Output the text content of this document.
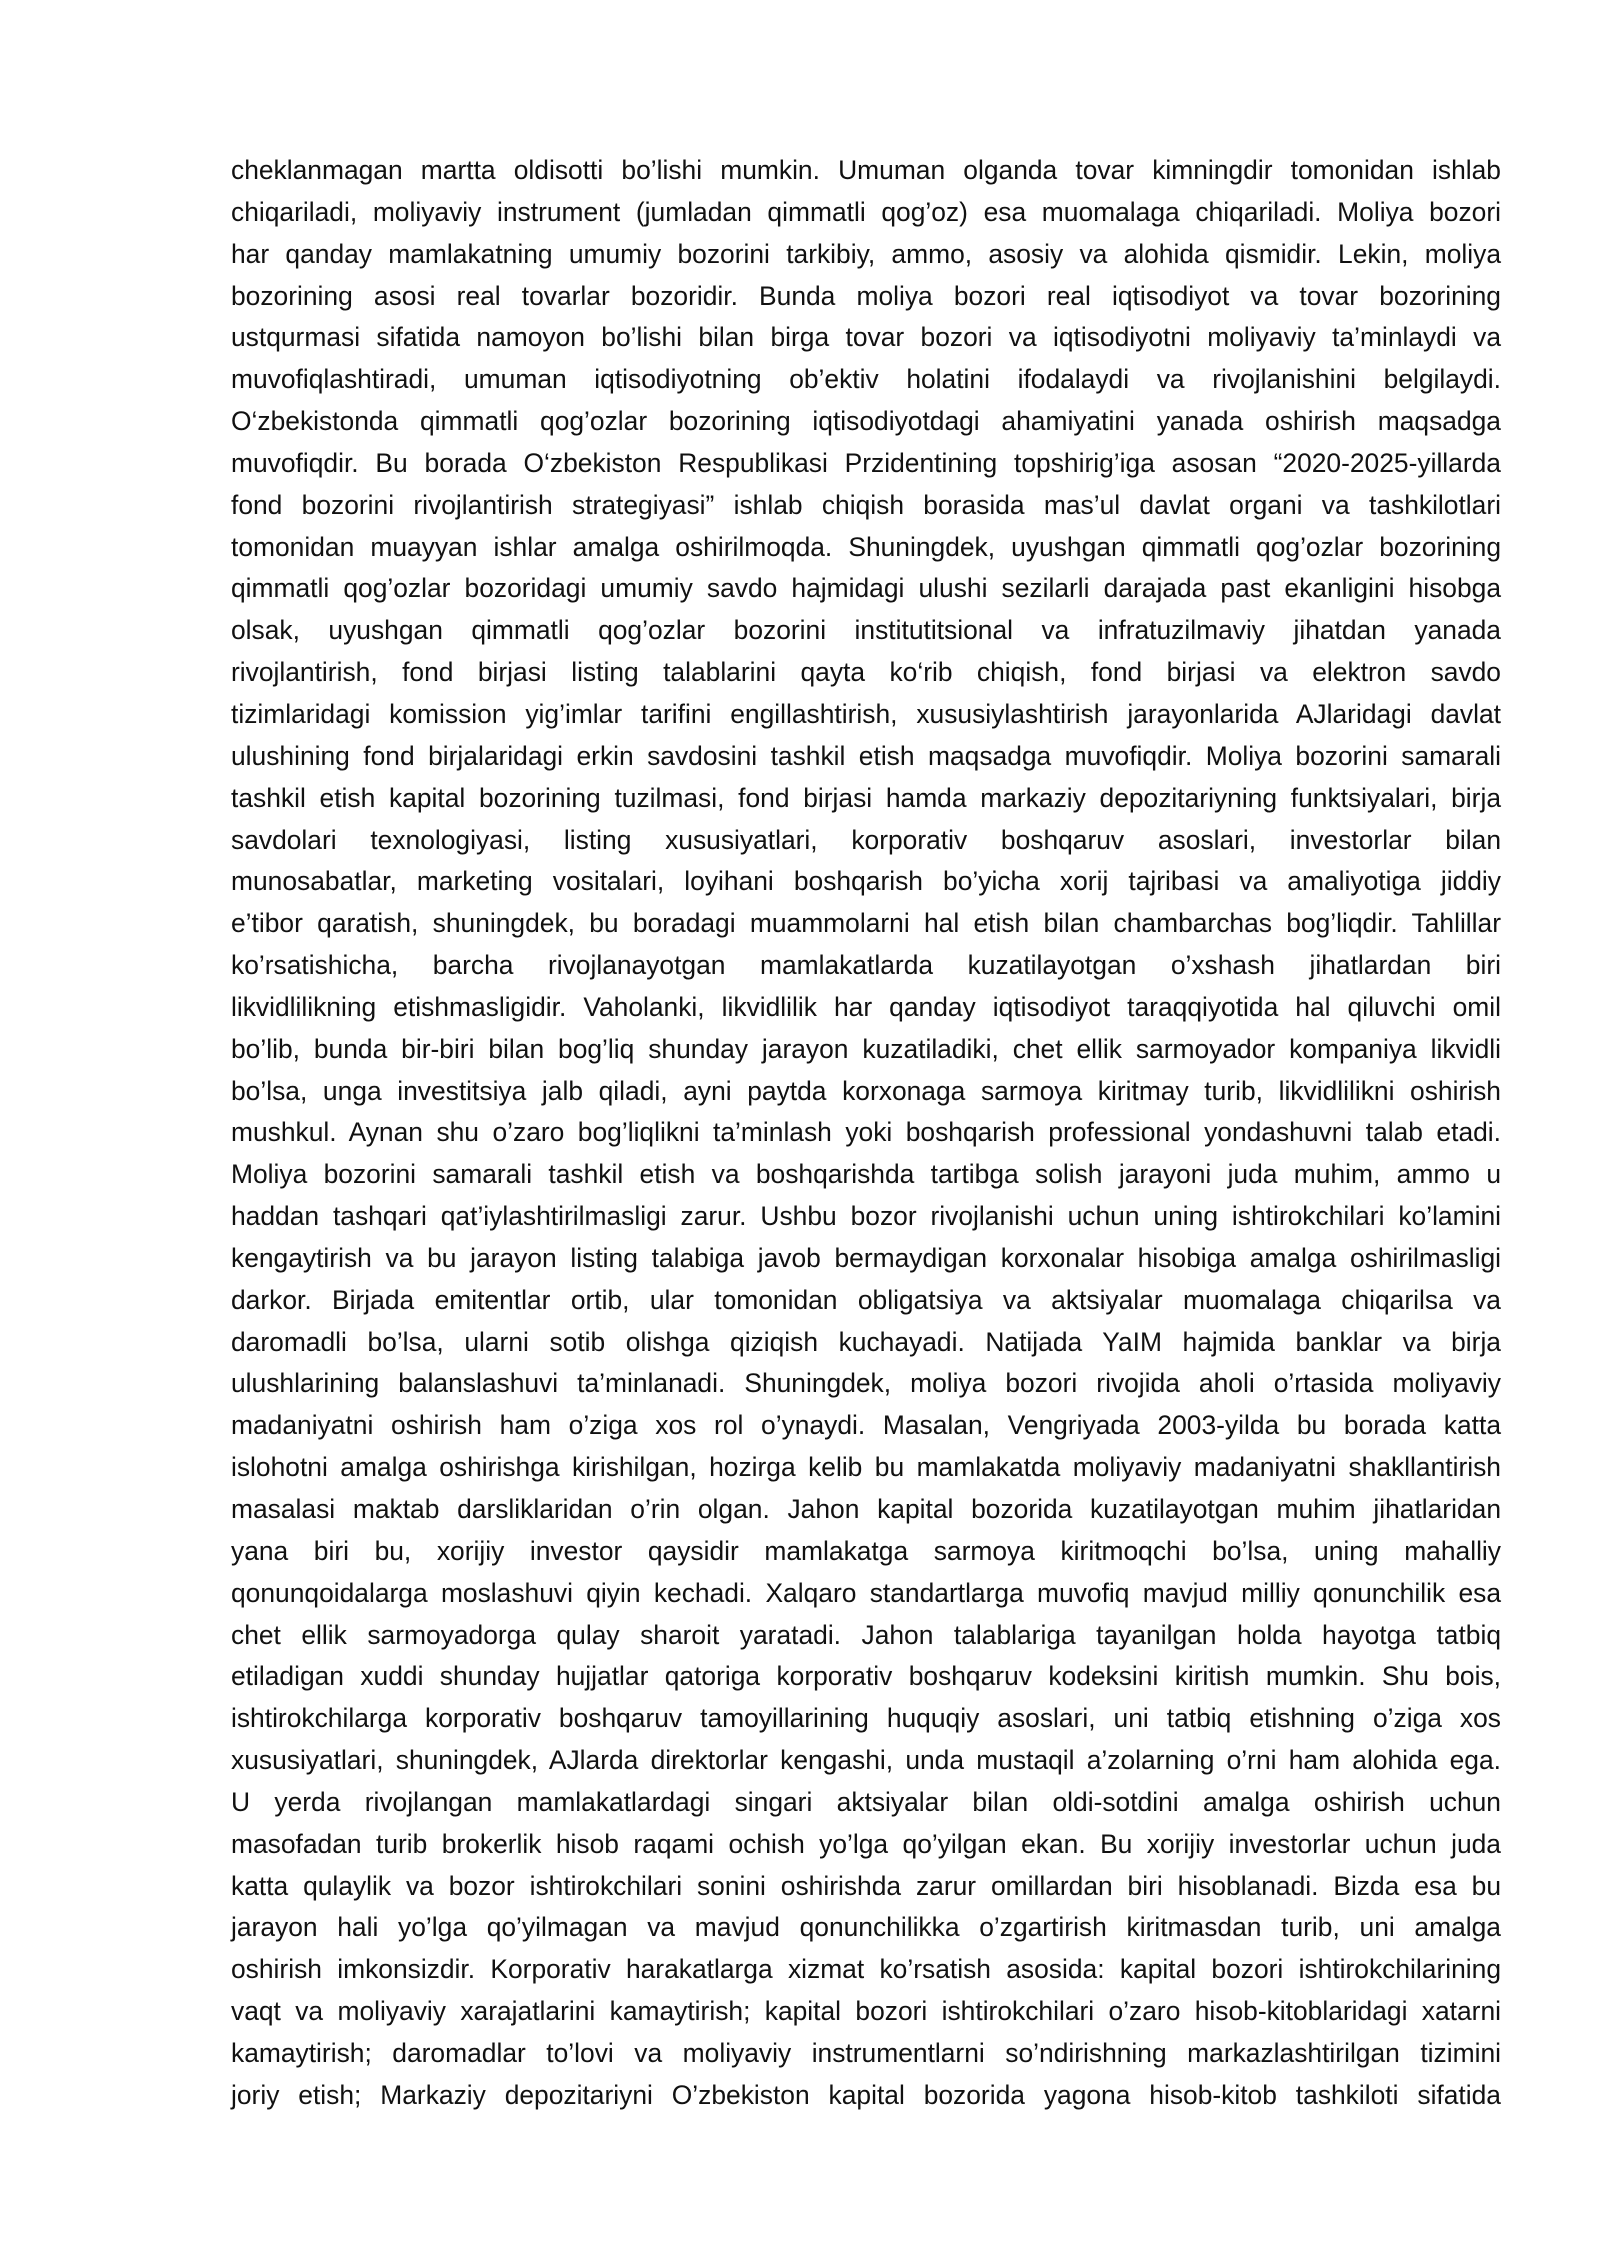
cheklanmagan martta oldisotti bo’lishi mumkin. Umuman olganda tovar kimningdir tomonidan ishlab
chiqariladi, moliyaviy instrument (jumladan qimmatli qog’oz) esa muomalaga chiqariladi. Moliya bozori
har qanday mamlakatning umumiy bozorini tarkibiy, ammo, asosiy va alohida qismidir. Lekin, moliya
bozorining asosi real tovarlar bozoridir. Bunda moliya bozori real iqtisodiyot va tovar bozorining
ustqurmasi sifatida namoyon bo’lishi bilan birga tovar bozori va iqtisodiyotni moliyaviy ta’minlaydi va
muvofiqlashtiradi, umuman iqtisodiyotning ob’ektiv holatini ifodalaydi va rivojlanishini belgilaydi.
O‘zbekistonda qimmatli qog’ozlar bozorining iqtisodiyotdagi ahamiyatini yanada oshirish maqsadga
muvofiqdir. Bu borada O‘zbekiston Respublikasi Przidentining topshirig’iga asosan “2020-2025-yillarda
fond bozorini rivojlantirish strategiyasi” ishlab chiqish borasida mas’ul davlat organi va tashkilotlari
tomonidan muayyan ishlar amalga oshirilmoqda. Shuningdek, uyushgan qimmatli qog’ozlar bozorining
qimmatli qog’ozlar bozoridagi umumiy savdo hajmidagi ulushi sezilarli darajada past ekanligini hisobga
olsak, uyushgan qimmatli qog’ozlar bozorini institutitsional va infratuzilmaviy jihatdan yanada
rivojlantirish, fond birjasi listing talablarini qayta ko‘rib chiqish, fond birjasi va elektron savdo
tizimlaridagi komission yig’imlar tarifini engillashtirish, xususiylashtirish jarayonlarida AJlaridagi davlat
ulushining fond birjalaridagi erkin savdosini tashkil etish maqsadga muvofiqdir. Moliya bozorini samarali
tashkil etish kapital bozorining tuzilmasi, fond birjasi hamda markaziy depozitariyning funktsiyalari, birja
savdolari texnologiyasi, listing xususiyatlari, korporativ boshqaruv asoslari, investorlar bilan
munosabatlar, marketing vositalari, loyihani boshqarish bo’yicha xorij tajribasi va amaliyotiga jiddiy
e’tibor qaratish, shuningdek, bu boradagi muammolarni hal etish bilan chambarchas bog’liqdir. Tahlillar
ko’rsatishicha, barcha rivojlanayotgan mamlakatlarda kuzatilayotgan o’xshash jihatlardan biri
likvidlilikning etishmasligidir. Vaholanki, likvidlilik har qanday iqtisodiyot taraqqiyotida hal qiluvchi omil
bo’lib, bunda bir-biri bilan bog’liq shunday jarayon kuzatiladiki, chet ellik sarmoyador kompaniya likvidli
bo’lsa, unga investitsiya jalb qiladi, ayni paytda korxonaga sarmoya kiritmay turib, likvidlilikni oshirish
mushkul. Aynan shu o’zaro bog’liqlikni ta’minlash yoki boshqarish professional yondashuvni talab etadi.
Moliya bozorini samarali tashkil etish va boshqarishda tartibga solish jarayoni juda muhim, ammo u
haddan tashqari qat’iylashtirilmasligi zarur. Ushbu bozor rivojlanishi uchun uning ishtirokchilari ko’lamini
kengaytirish va bu jarayon listing talabiga javob bermaydigan korxonalar hisobiga amalga oshirilmasligi
darkor. Birjada emitentlar ortib, ular tomonidan obligatsiya va aktsiyalar muomalaga chiqarilsa va
daromadli bo’lsa, ularni sotib olishga qiziqish kuchayadi. Natijada YaIM hajmida banklar va birja
ulushlarining balanslashuvi ta’minlanadi. Shuningdek, moliya bozori rivojida aholi o’rtasida moliyaviy
madaniyatni oshirish ham o’ziga xos rol o’ynaydi. Masalan, Vengriyada 2003-yilda bu borada katta
islohotni amalga oshirishga kirishilgan, hozirga kelib bu mamlakatda moliyaviy madaniyatni shakllantirish
masalasi maktab darsliklaridan o’rin olgan. Jahon kapital bozorida kuzatilayotgan muhim jihatlaridan
yana biri bu, xorijiy investor qaysidir mamlakatga sarmoya kiritmoqchi bo’lsa, uning mahalliy
qonunqoidalarga moslashuvi qiyin kechadi. Xalqaro standartlarga muvofiq mavjud milliy qonunchilik esa
chet ellik sarmoyadorga qulay sharoit yaratadi. Jahon talablariga tayanilgan holda hayotga tatbiq
etiladigan xuddi shunday hujjatlar qatoriga korporativ boshqaruv kodeksini kiritish mumkin. Shu bois,
ishtirokchilarga korporativ boshqaruv tamoyillarining huquqiy asoslari, uni tatbiq etishning o’ziga xos
xususiyatlari, shuningdek, AJlarda direktorlar kengashi, unda mustaqil a’zolarning o’rni ham alohida ega.
U yerda rivojlangan mamlakatlardagi singari aktsiyalar bilan oldi-sotdini amalga oshirish uchun
masofadan turib brokerlik hisob raqami ochish yo’lga qo’yilgan ekan. Bu xorijiy investorlar uchun juda
katta qulaylik va bozor ishtirokchilari sonini oshirishda zarur omillardan biri hisoblanadi. Bizda esa bu
jarayon hali yo’lga qo’yilmagan va mavjud qonunchilikka o’zgartirish kiritmasdan turib, uni amalga
oshirish imkonsizdir. Korporativ harakatlarga xizmat ko’rsatish asosida: kapital bozori ishtirokchilarining
vaqt va moliyaviy xarajatlarini kamaytirish; kapital bozori ishtirokchilari o’zaro hisob-kitoblaridagi xatarni
kamaytirish; daromadlar to’lovi va moliyaviy instrumentlarni so’ndirishning markazlashtirilgan tizimini
joriy etish; Markaziy depozitariyni O’zbekiston kapital bozorida yagona hisob-kitob tashkiloti sifatida
